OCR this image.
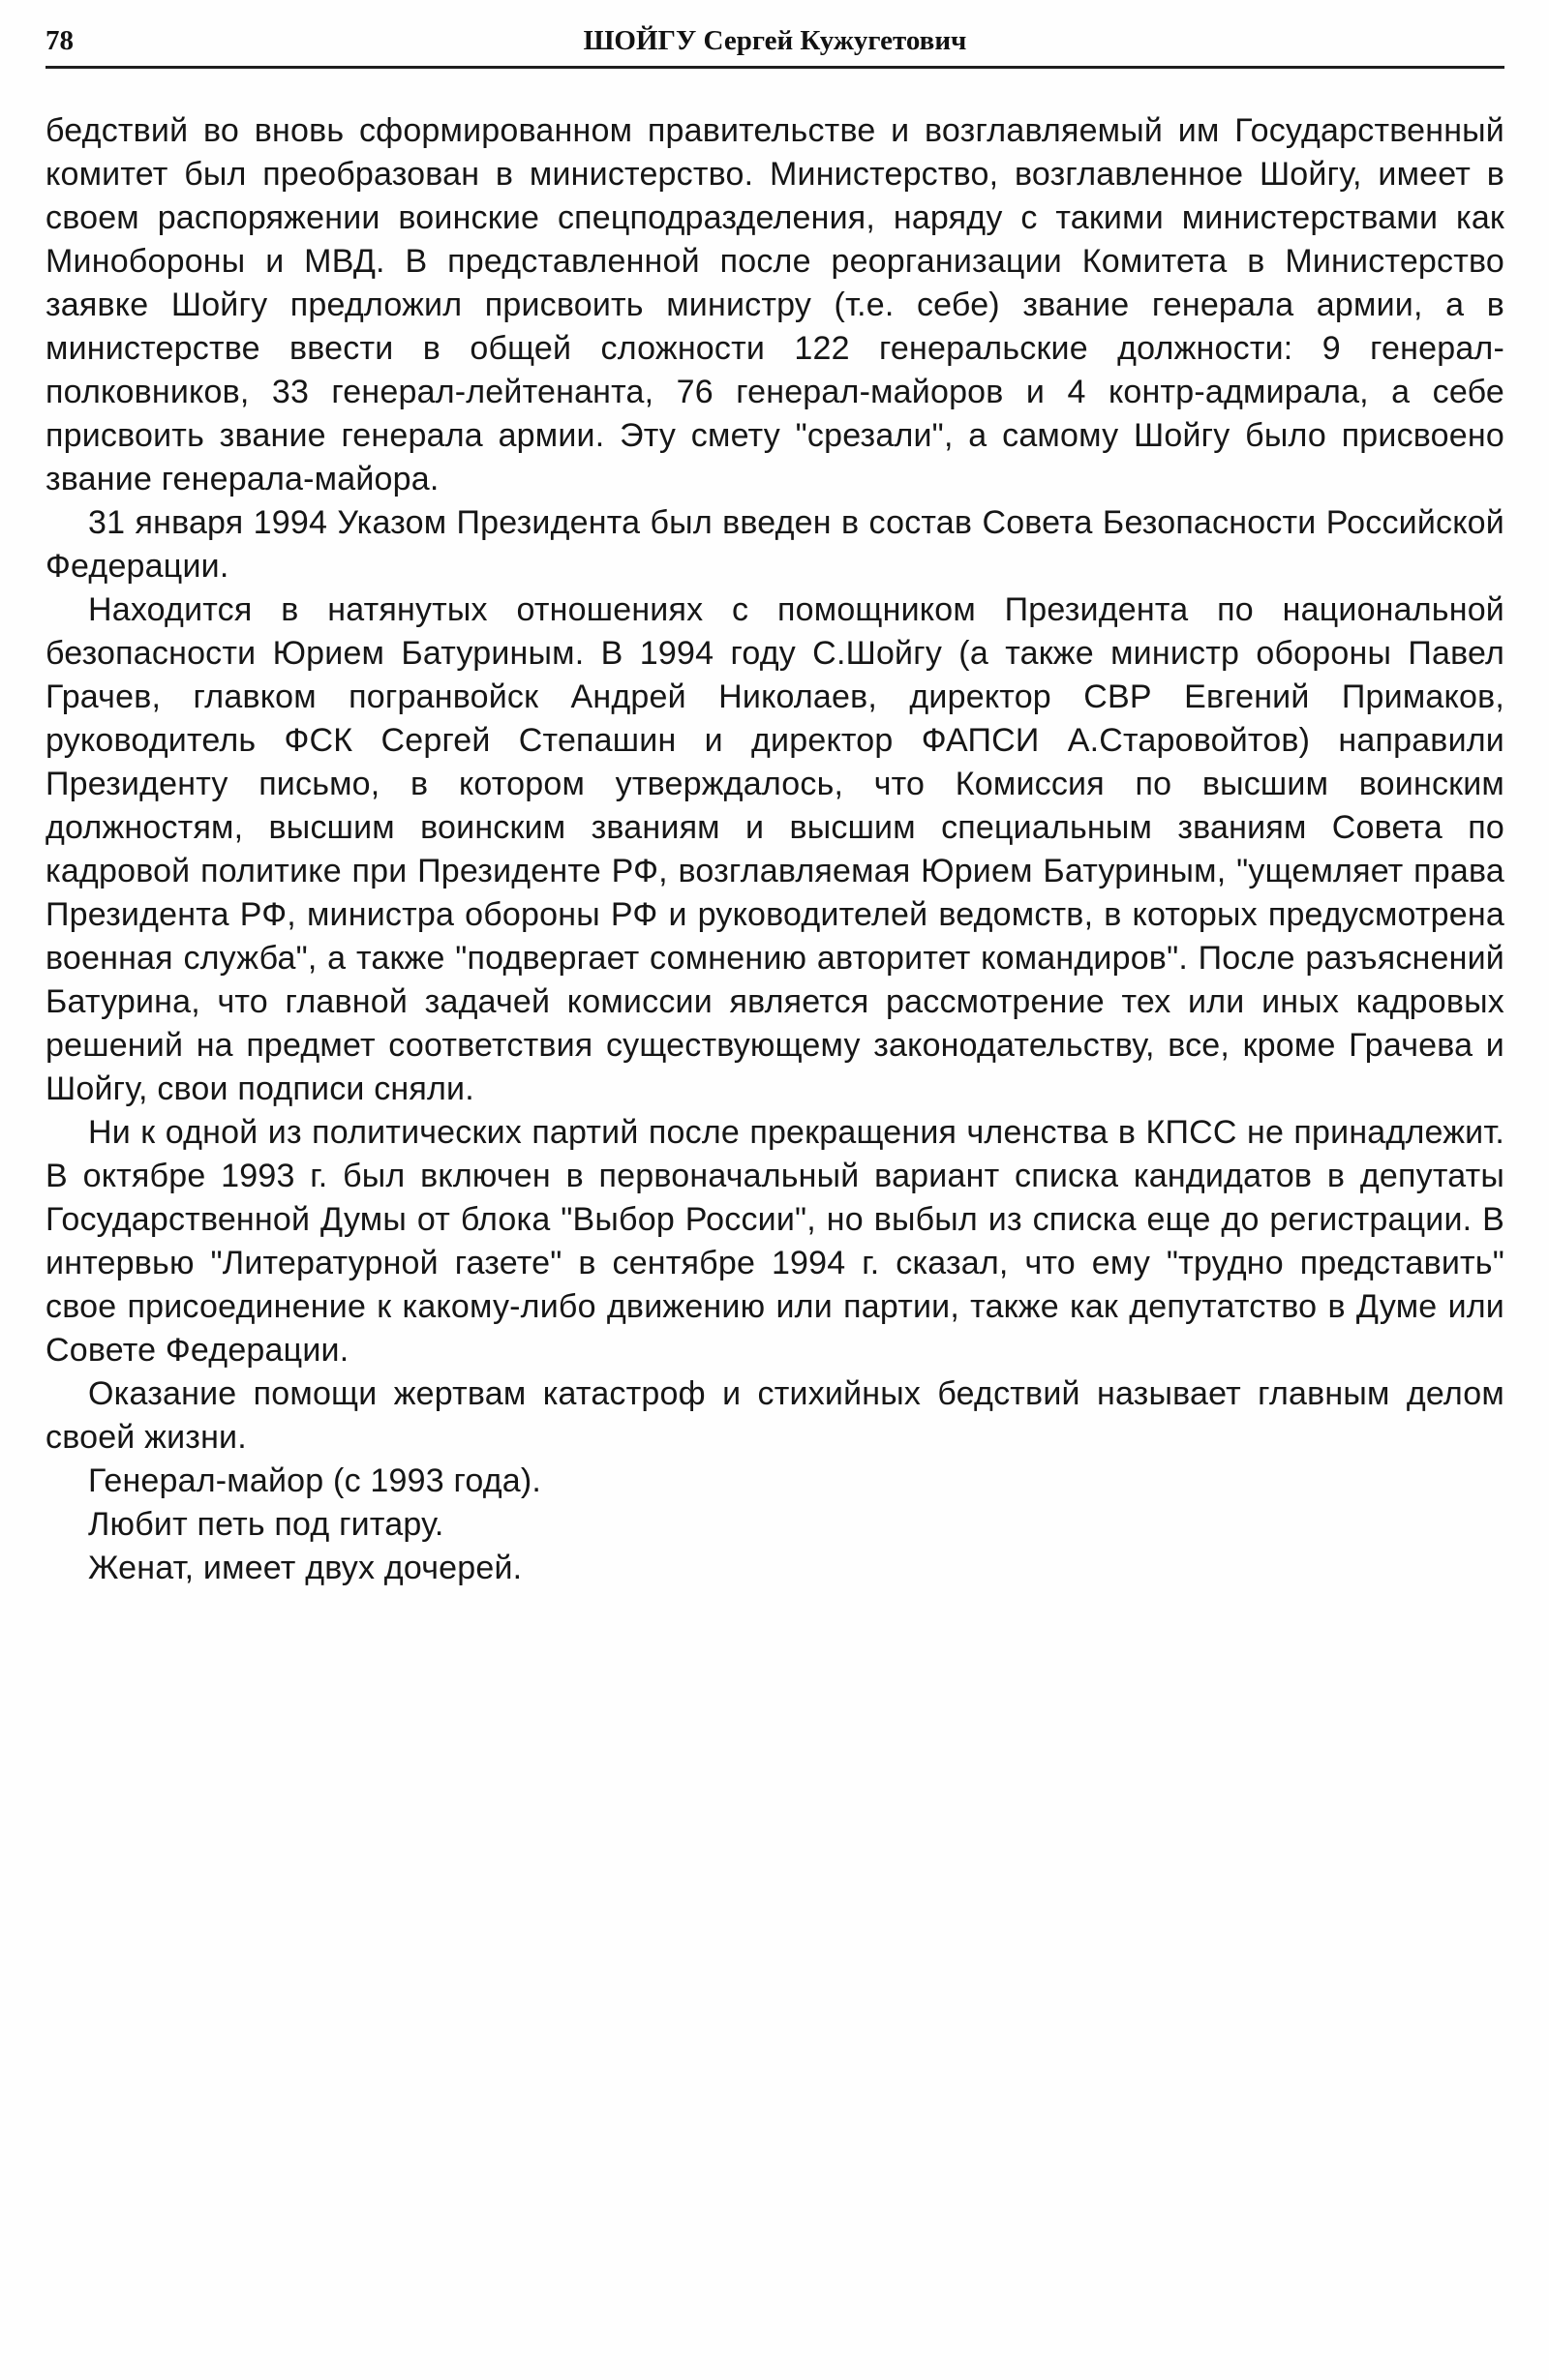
78	ШОЙГУ Сергей Кужугетович

бедствий во вновь сформированном правительстве и возглавляемый им Государственный комитет был преобразован в министерство. Министерство, возглавленное Шойгу, имеет в своем распоряжении воинские спецподразделения, наряду с такими министерствами как Минобороны и МВД. В представленной после реорганизации Комитета в Министерство заявке Шойгу предложил присвоить министру (т.е. себе) звание генерала армии, а в министерстве ввести в общей сложности 122 генеральские должности: 9 генерал-полковников, 33 генерал-лейтенанта, 76 генерал-майоров и 4 контр-адмирала, а себе присвоить звание генерала армии. Эту смету "срезали", а самому Шойгу было присвоено звание генерала-майора.

31 января 1994 Указом Президента был введен в состав Совета Безопасности Российской Федерации.

Находится в натянутых отношениях с помощником Президента по национальной безопасности Юрием Батуриным. В 1994 году С.Шойгу (а также министр обороны Павел Грачев, главком погранвойск Андрей Николаев, директор СВР Евгений Примаков, руководитель ФСК Сергей Степашин и директор ФАПСИ А.Старовойтов) направили Президенту письмо, в котором утверждалось, что Комиссия по высшим воинским должностям, высшим воинским званиям и высшим специальным званиям Совета по кадровой политике при Президенте РФ, возглавляемая Юрием Батуриным, "ущемляет права Президента РФ, министра обороны РФ и руководителей ведомств, в которых предусмотрена военная служба", а также "подвергает сомнению авторитет командиров". После разъяснений Батурина, что главной задачей комиссии является рассмотрение тех или иных кадровых решений на предмет соответствия существующему законодательству, все, кроме Грачева и Шойгу, свои подписи сняли.

Ни к одной из политических партий после прекращения членства в КПСС не принадлежит. В октябре 1993 г. был включен в первоначальный вариант списка кандидатов в депутаты Государственной Думы от блока "Выбор России", но выбыл из списка еще до регистрации. В интервью "Литературной газете" в сентябре 1994 г. сказал, что ему "трудно представить" свое присоединение к какому-либо движению или партии, также как депутатство в Думе или Совете Федерации.

Оказание помощи жертвам катастроф и стихийных бедствий называет главным делом своей жизни.

Генерал-майор (с 1993 года).

Любит петь под гитару.

Женат, имеет двух дочерей.
